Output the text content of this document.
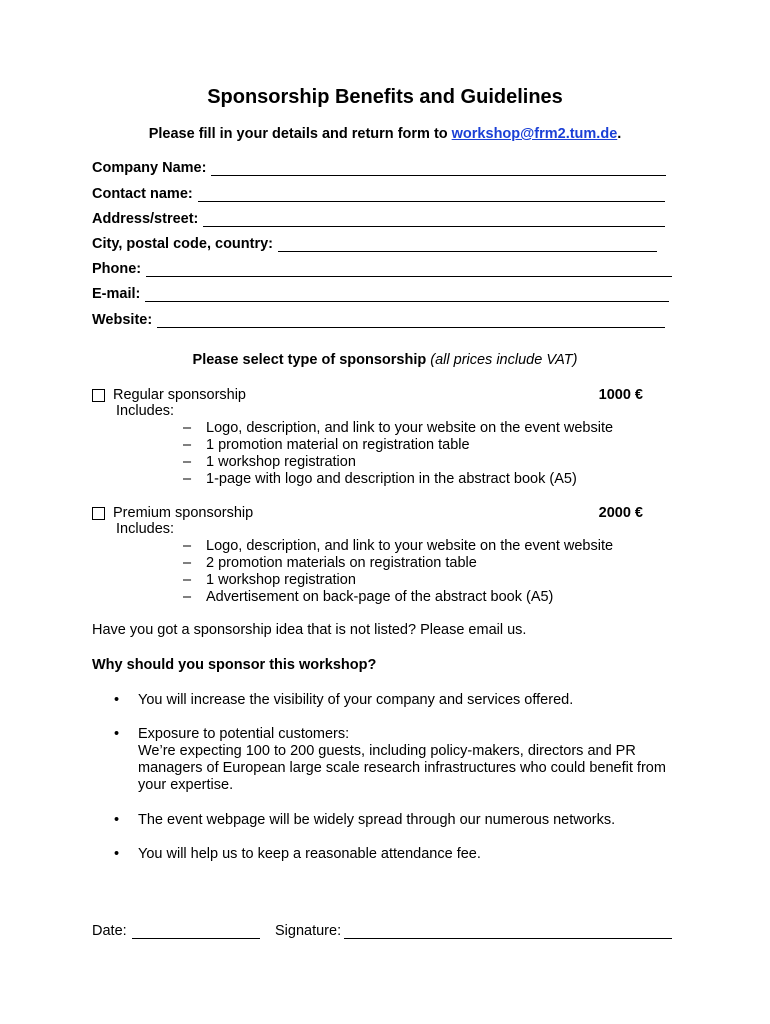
Sponsorship Benefits and Guidelines
Please fill in your details and return form to workshop@frm2.tum.de.
Company Name:
Contact name:
Address/street:
City, postal code, country:
Phone:
E-mail:
Website:
Please select type of sponsorship (all prices include VAT)
Regular sponsorship	1000 €
Includes:
–	Logo, description, and link to your website on the event website
–	1 promotion material on registration table
–	1 workshop registration
–	1-page with logo and description in the abstract book (A5)
Premium sponsorship	2000 €
Includes:
–	Logo, description, and link to your website on the event website
–	2 promotion materials on registration table
–	1 workshop registration
–	Advertisement on back-page of the abstract book (A5)
Have you got a sponsorship idea that is not listed? Please email us.
Why should you sponsor this workshop?
•	You will increase the visibility of your company and services offered.
•	Exposure to potential customers:
We’re expecting 100 to 200 guests, including policy-makers, directors and PR managers of European large scale research infrastructures who could benefit from your expertise.
•	The event webpage will be widely spread through our numerous networks.
•	You will help us to keep a reasonable attendance fee.
Date:	Signature:
